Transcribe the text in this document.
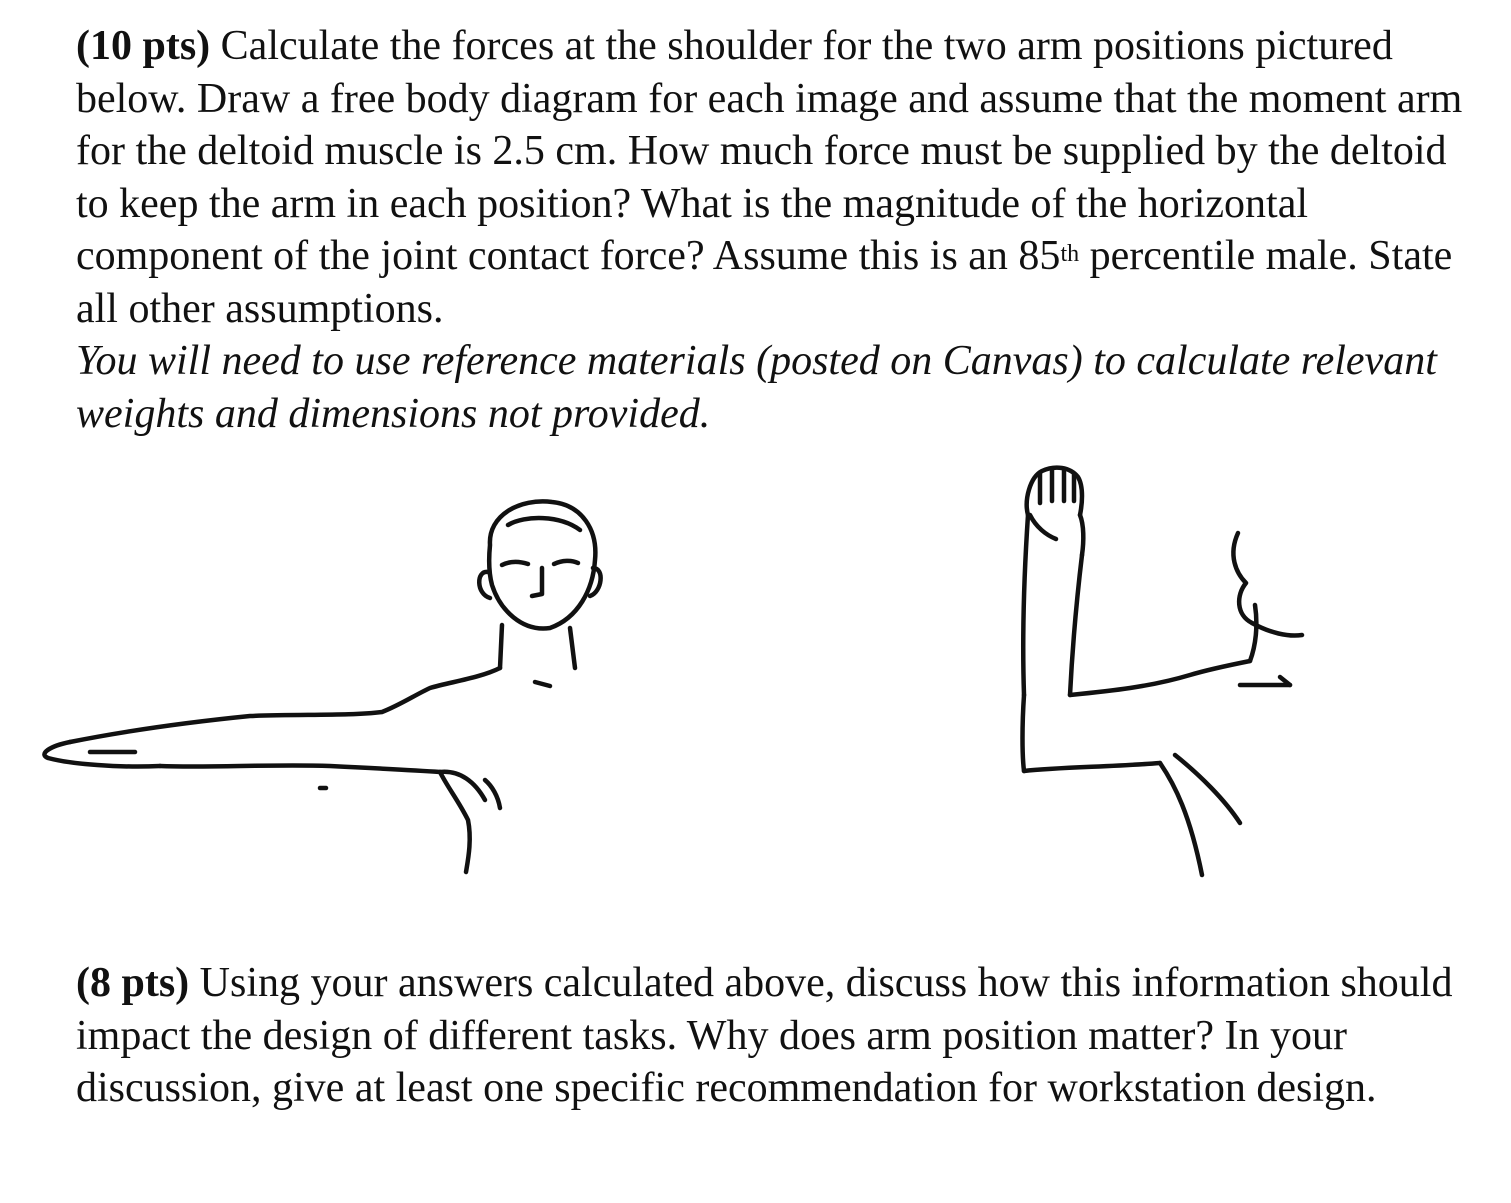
(10 pts) Calculate the forces at the shoulder for the two arm positions pictured below. Draw a free body diagram for each image and assume that the moment arm for the deltoid muscle is 2.5 cm. How much force must be supplied by the deltoid to keep the arm in each position? What is the magnitude of the horizontal component of the joint contact force? Assume this is an 85th percentile male. State all other assumptions.
You will need to use reference materials (posted on Canvas) to calculate relevant weights and dimensions not provided.

(8 pts) Using your answers calculated above, discuss how this information should impact the design of different tasks. Why does arm position matter? In your discussion, give at least one specific recommendation for workstation design.
